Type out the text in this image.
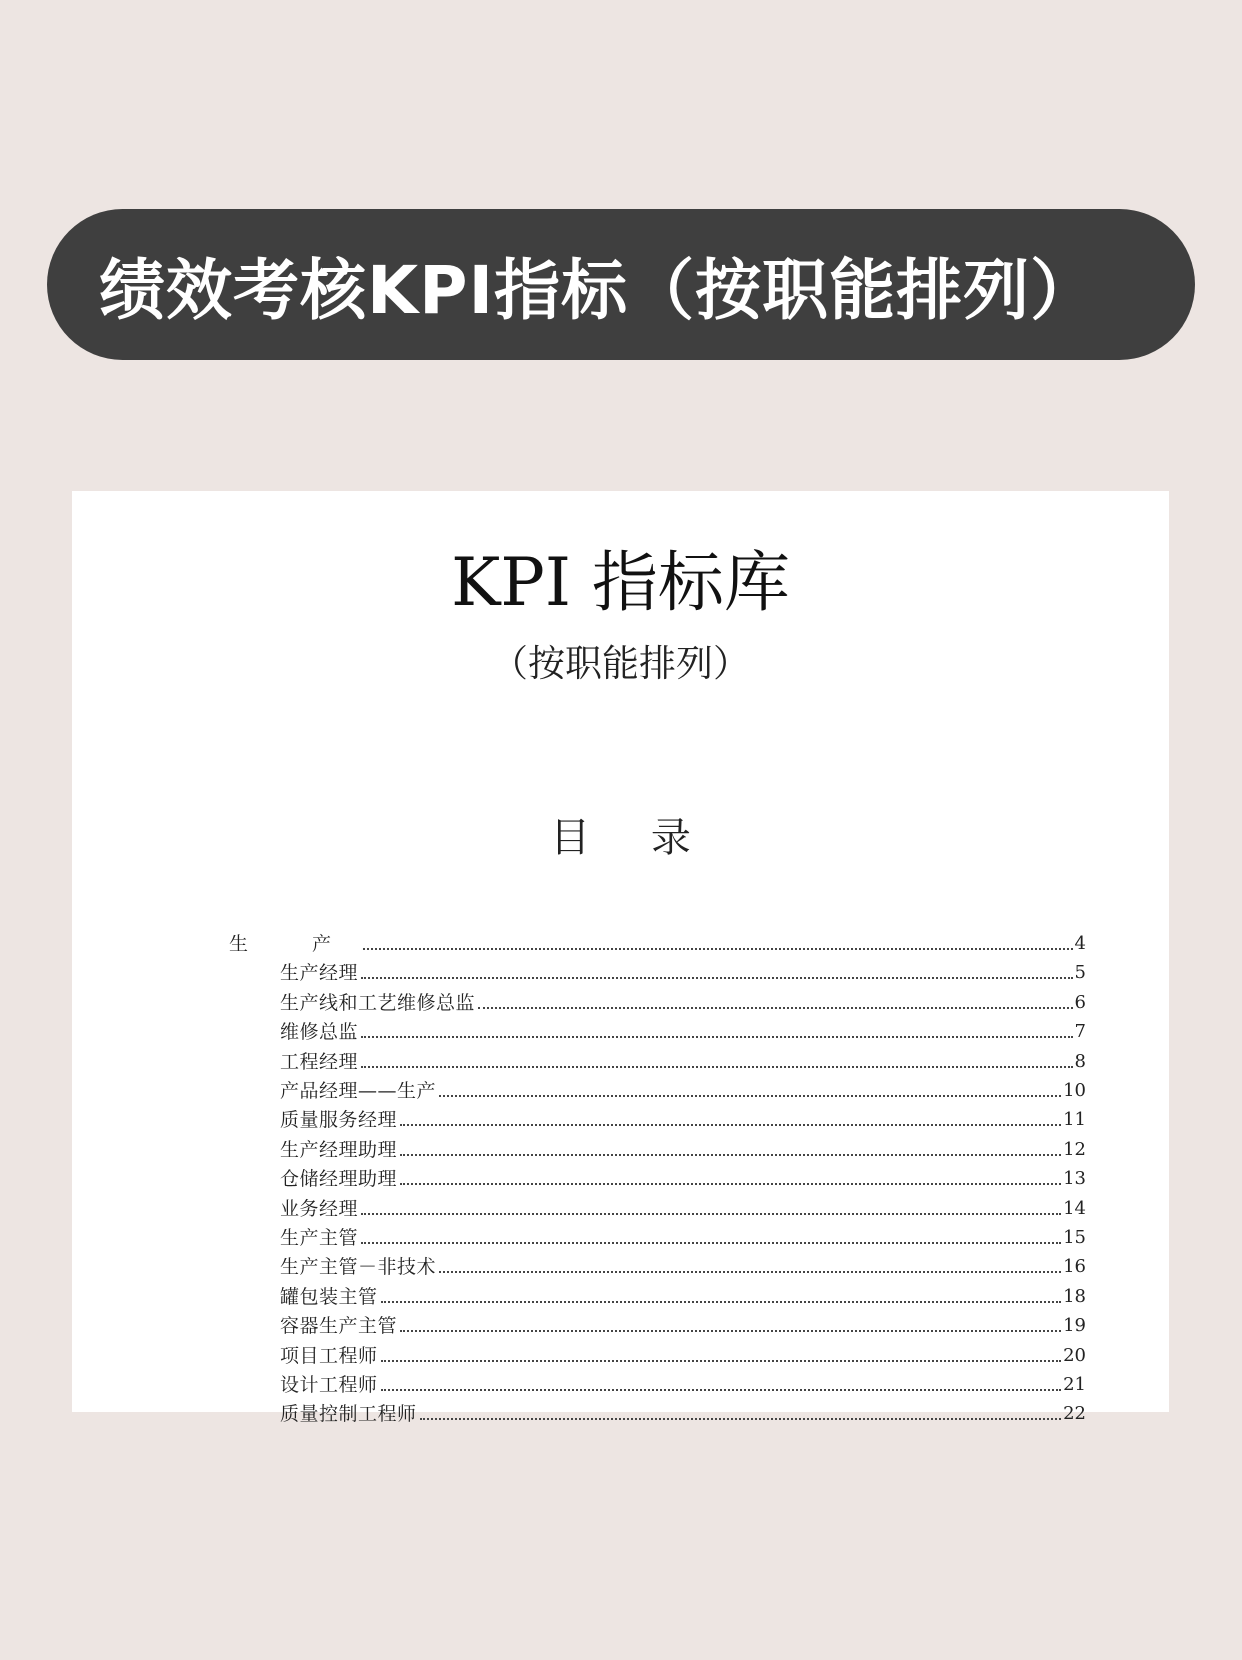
绩效考核KPI指标（按职能排列）
KPI 指标库
（按职能排列）
目 录
生 产	4
生产经理	5
生产线和工艺维修总监	6
维修总监	7
工程经理	8
产品经理——生产	10
质量服务经理	11
生产经理助理	12
仓储经理助理	13
业务经理	14
生产主管	15
生产主管－非技术	16
罐包装主管	18
容器生产主管	19
项目工程师	20
设计工程师	21
质量控制工程师	22
